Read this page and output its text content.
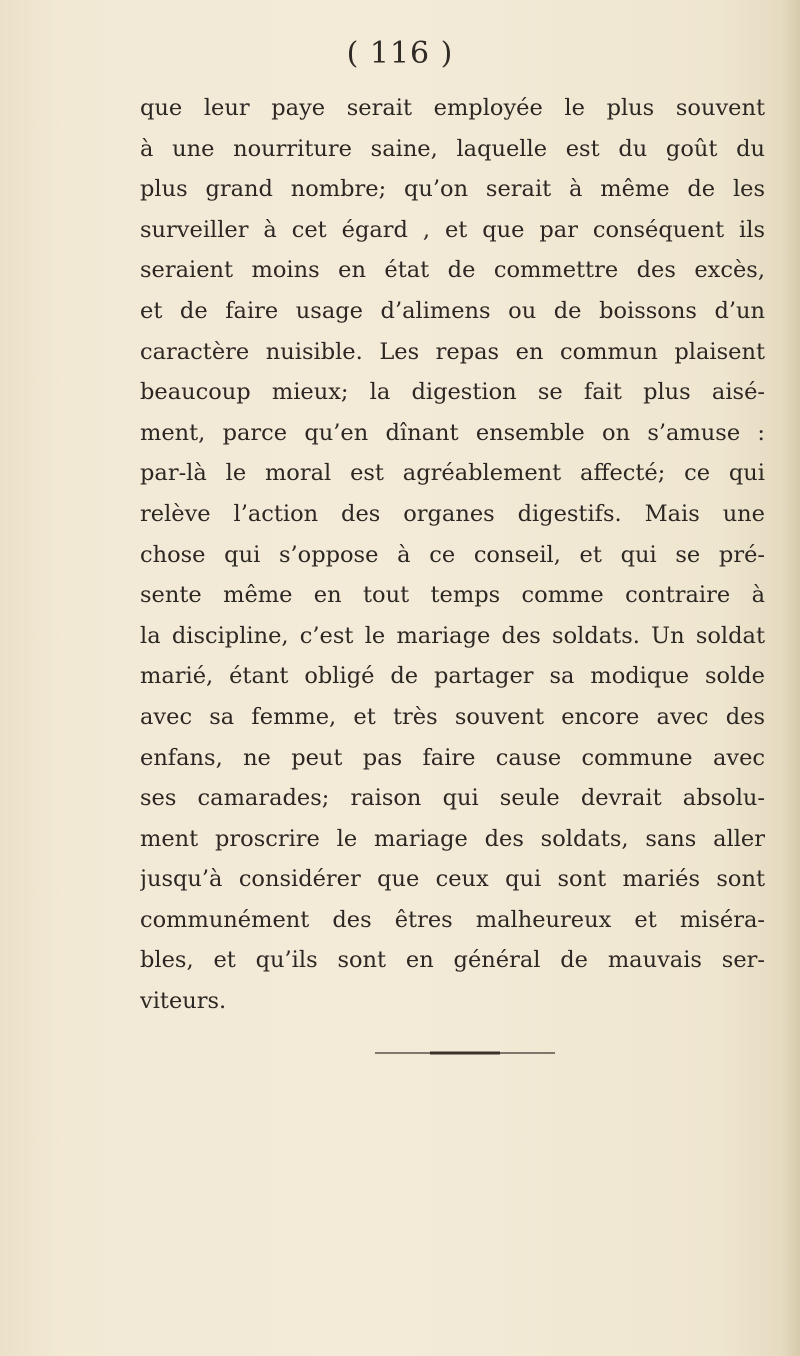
( 116 )
que leur paye serait employée le plus souvent
à une nourriture saine, laquelle est du goût du
plus grand nombre; qu’on serait à même de les
surveiller à cet égard , et que par conséquent ils
seraient moins en état de commettre des excès,
et de faire usage d’alimens ou de boissons d’un
caractère nuisible. Les repas en commun plaisent
beaucoup mieux; la digestion se fait plus aisé-
ment, parce qu’en dînant ensemble on s’amuse :
par-là le moral est agréablement affecté; ce qui
relève l’action des organes digestifs. Mais une
chose qui s’oppose à ce conseil, et qui se pré-
sente même en tout temps comme contraire à
la discipline, c’est le mariage des soldats. Un soldat
marié, étant obligé de partager sa modique solde
avec sa femme, et très souvent encore avec des
enfans, ne peut pas faire cause commune avec
ses camarades; raison qui seule devrait absolu-
ment proscrire le mariage des soldats, sans aller
jusqu’à considérer que ceux qui sont mariés sont
communément des êtres malheureux et miséra-
bles, et qu’ils sont en général de mauvais ser-
viteurs.
